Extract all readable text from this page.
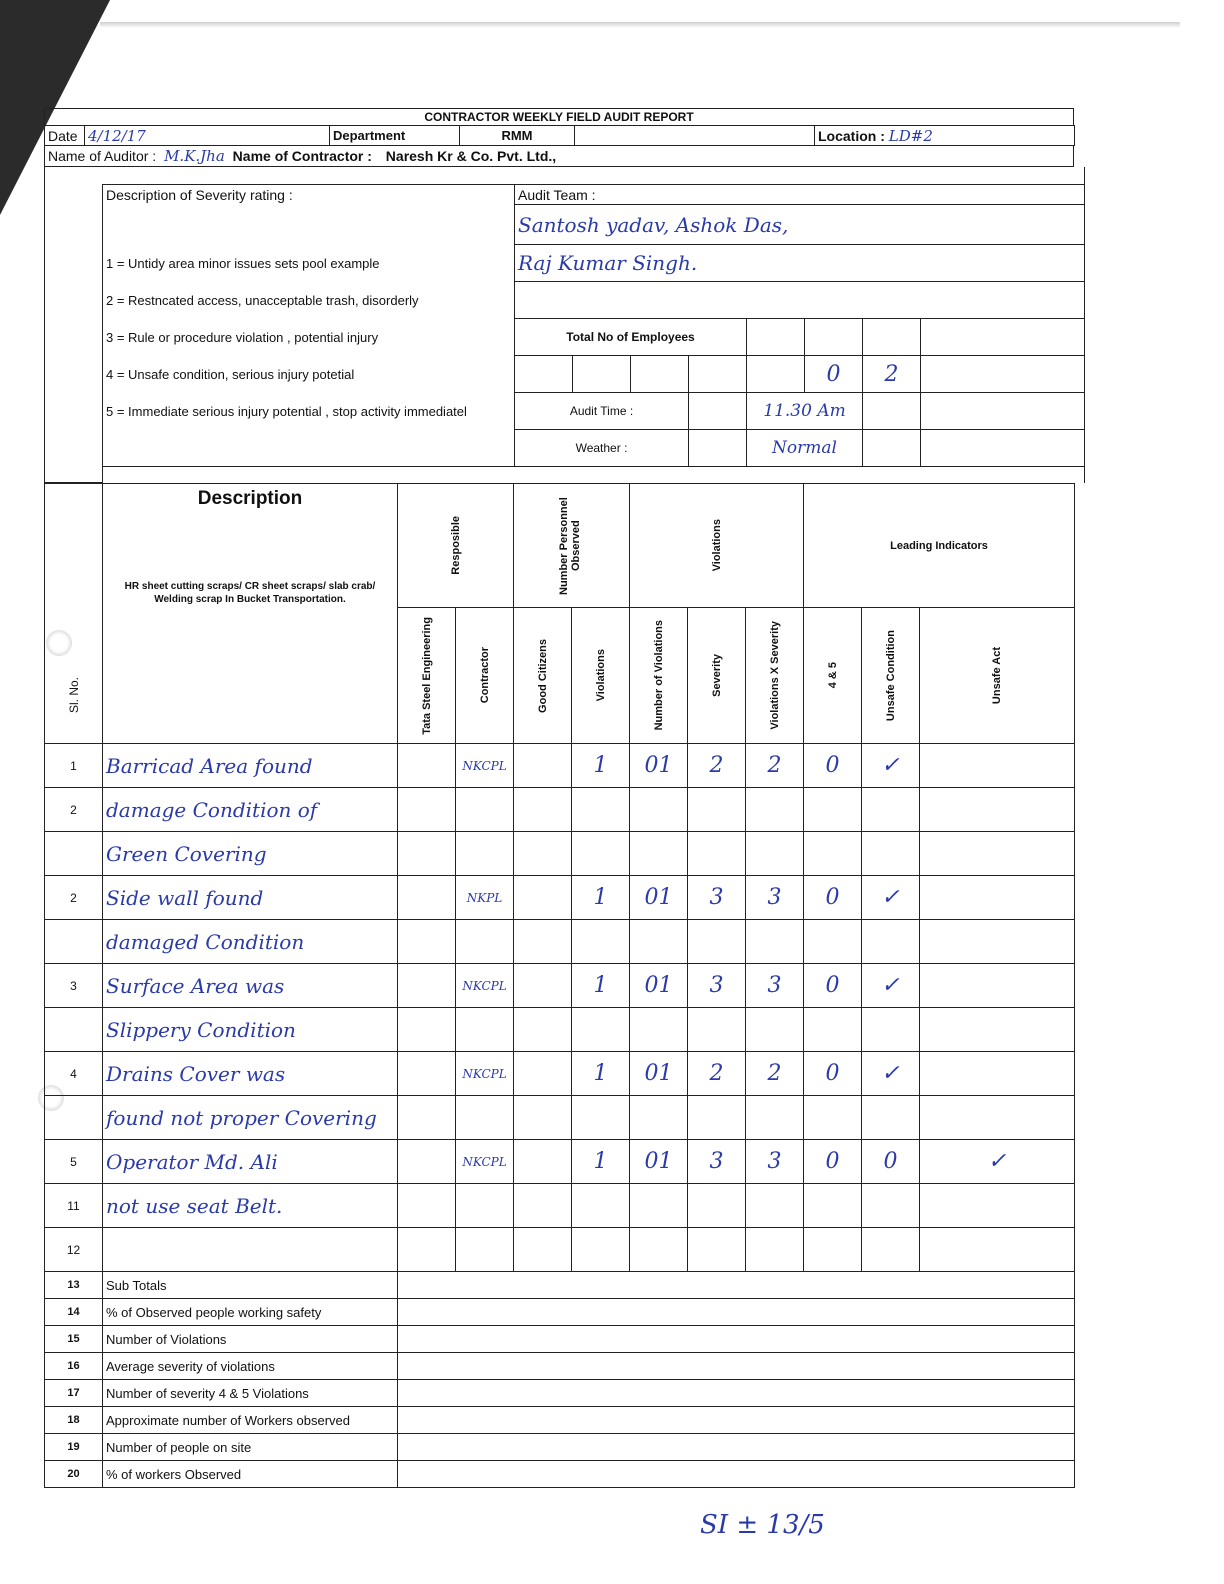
CONTRACTOR WEEKLY FIELD AUDIT REPORT
Date	4/12/17	Department	RMM		Location : LD#2
Name of Auditor : M.K.Jha Name of Contractor : Naresh Kr & Co. Pvt. Ltd.,

	Description of Severity rating :	Audit Team :							
		Santosh yadav, Ashok Das,							
	1 = Untidy area minor issues sets pool example	Raj Kumar Singh.							
	2 = Restncated access, unacceptable trash, disorderly								
	3 = Rule or procedure violation , potential injury	Total No of Employees							
	4 = Unsafe condition, serious injury potetial						0	2	
	5 = Immediate serious injury potential , stop activity immediatel	Audit Time :				11.30 Am			
		Weather :				Normal			

Sl. No.	Description
HR sheet cutting scraps/ CR sheet scraps/ slab crab/ Welding scrap In Bucket Transportation.	Resposible		Number Personnel Observed		Violations			Leading Indicators		

		Tata Steel Engineering	Contractor	Good Citizens	Violations	Number of Violations	Severity	Violations X Severity	4 & 5	Unsafe Condition	Unsafe Act

1	Barricad Area found		NKCPL		1	01	2	2	0	✓	
2	damage Condition of										
	Green Covering										
2	Side wall found		NKPL		1	01	3	3	0	✓	
	damaged Condition										
3	Surface Area was		NKCPL		1	01	3	3	0	✓	
	Slippery Condition										
4	Drains Cover was		NKCPL		1	01	2	2	0	✓	
	found not proper Covering										
5	Operator Md. Ali		NKCPL		1	01	3	3	0	0	✓
11	not use seat Belt.										
12											
13	Sub Totals										
14	% of Observed people working safety										
15	Number of Violations										
16	Average severity of violations										
17	Number of severity 4 & 5 Violations										
18	Approximate number of Workers observed										
19	Number of people on site										
20	% of workers Observed										
SI ± 13/5
